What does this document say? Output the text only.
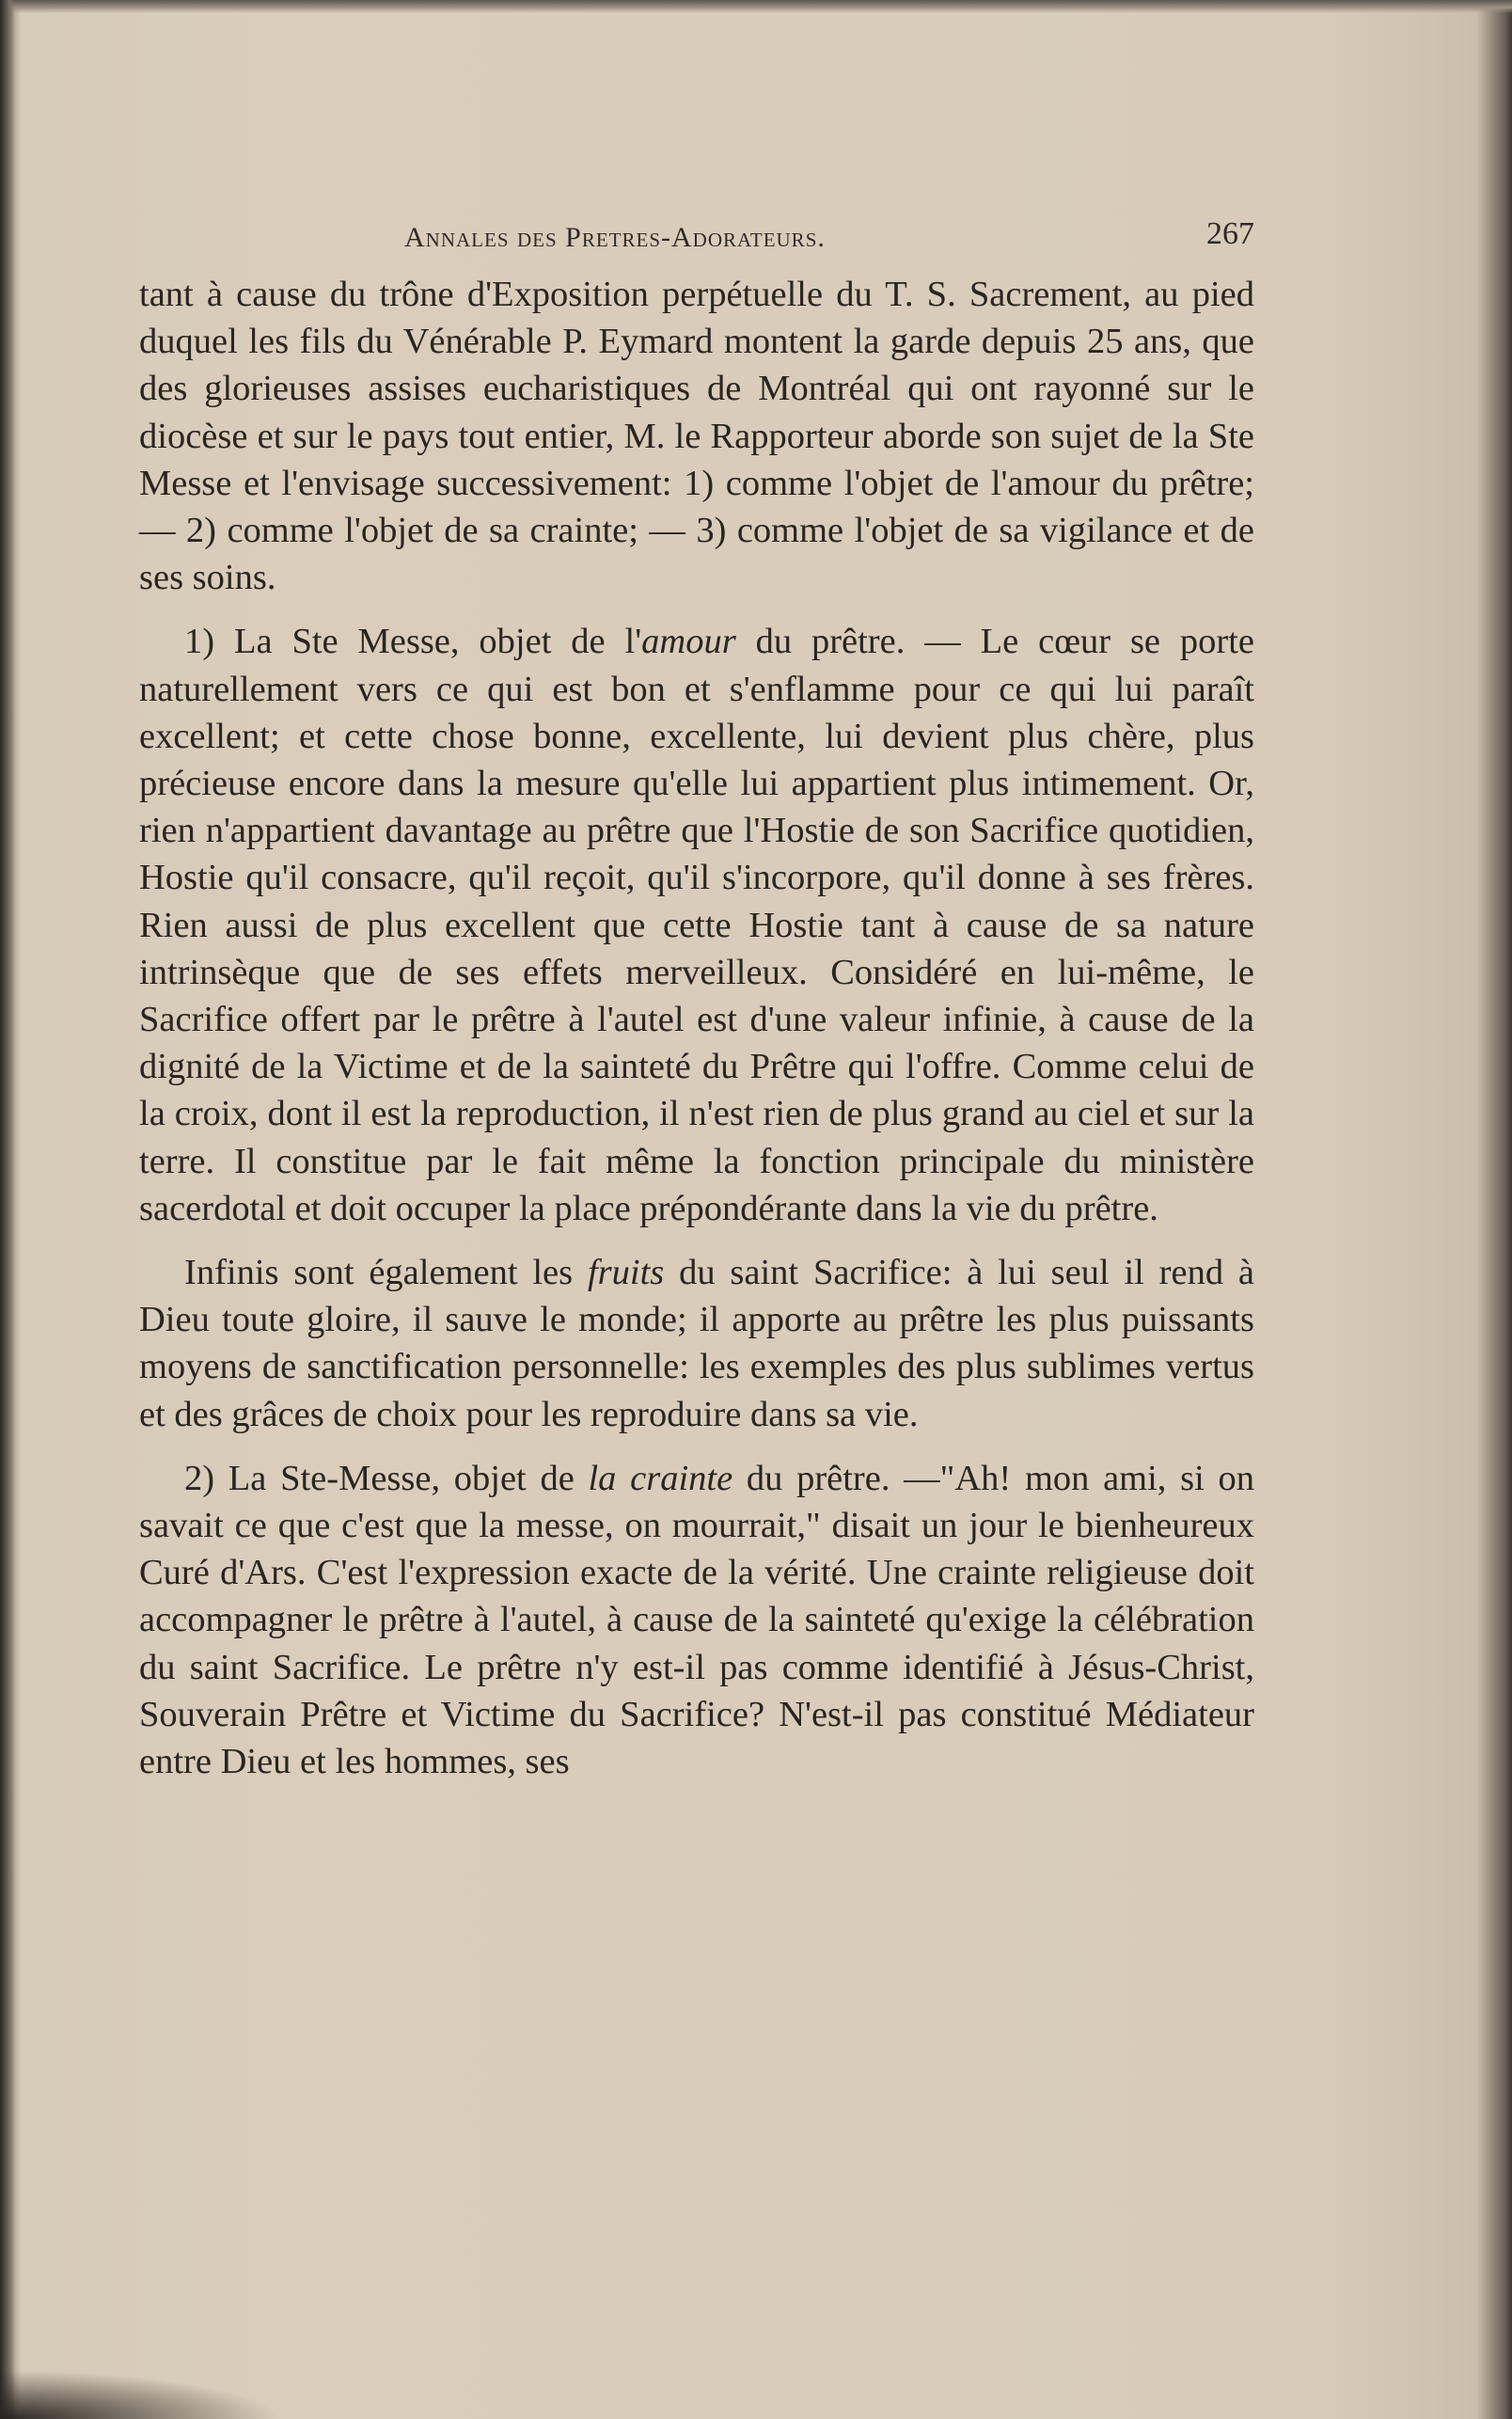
Annales des Pretres-Adorateurs.	267

tant à cause du trône d'Exposition perpétuelle du T. S. Sacrement, au pied duquel les fils du Vénérable P. Eymard montent la garde depuis 25 ans, que des glorieuses assises eucharistiques de Montréal qui ont rayonné sur le diocèse et sur le pays tout entier, M. le Rapporteur aborde son sujet de la Ste Messe et l'envisage successivement: 1) comme l'objet de l'amour du prêtre; — 2) comme l'objet de sa crainte; — 3) comme l'objet de sa vigilance et de ses soins.

1) La Ste Messe, objet de l'amour du prêtre. — Le cœur se porte naturellement vers ce qui est bon et s'enflamme pour ce qui lui paraît excellent; et cette chose bonne, excellente, lui devient plus chère, plus précieuse encore dans la mesure qu'elle lui appartient plus intimement. Or, rien n'appartient davantage au prêtre que l'Hostie de son Sacrifice quotidien, Hostie qu'il consacre, qu'il reçoit, qu'il s'incorpore, qu'il donne à ses frères. Rien aussi de plus excellent que cette Hostie tant à cause de sa nature intrinsèque que de ses effets merveilleux. Considéré en lui-même, le Sacrifice offert par le prêtre à l'autel est d'une valeur infinie, à cause de la dignité de la Victime et de la sainteté du Prêtre qui l'offre. Comme celui de la croix, dont il est la reproduction, il n'est rien de plus grand au ciel et sur la terre. Il constitue par le fait même la fonction principale du ministère sacerdotal et doit occuper la place prépondérante dans la vie du prêtre.

Infinis sont également les fruits du saint Sacrifice: à lui seul il rend à Dieu toute gloire, il sauve le monde; il apporte au prêtre les plus puissants moyens de sanctification personnelle: les exemples des plus sublimes vertus et des grâces de choix pour les reproduire dans sa vie.

2) La Ste-Messe, objet de la crainte du prêtre. —"Ah! mon ami, si on savait ce que c'est que la messe, on mourrait," disait un jour le bienheureux Curé d'Ars. C'est l'expression exacte de la vérité. Une crainte religieuse doit accompagner le prêtre à l'autel, à cause de la sainteté qu'exige la célébration du saint Sacrifice. Le prêtre n'y est-il pas comme identifié à Jésus-Christ, Souverain Prêtre et Victime du Sacrifice? N'est-il pas constitué Médiateur entre Dieu et les hommes, ses
